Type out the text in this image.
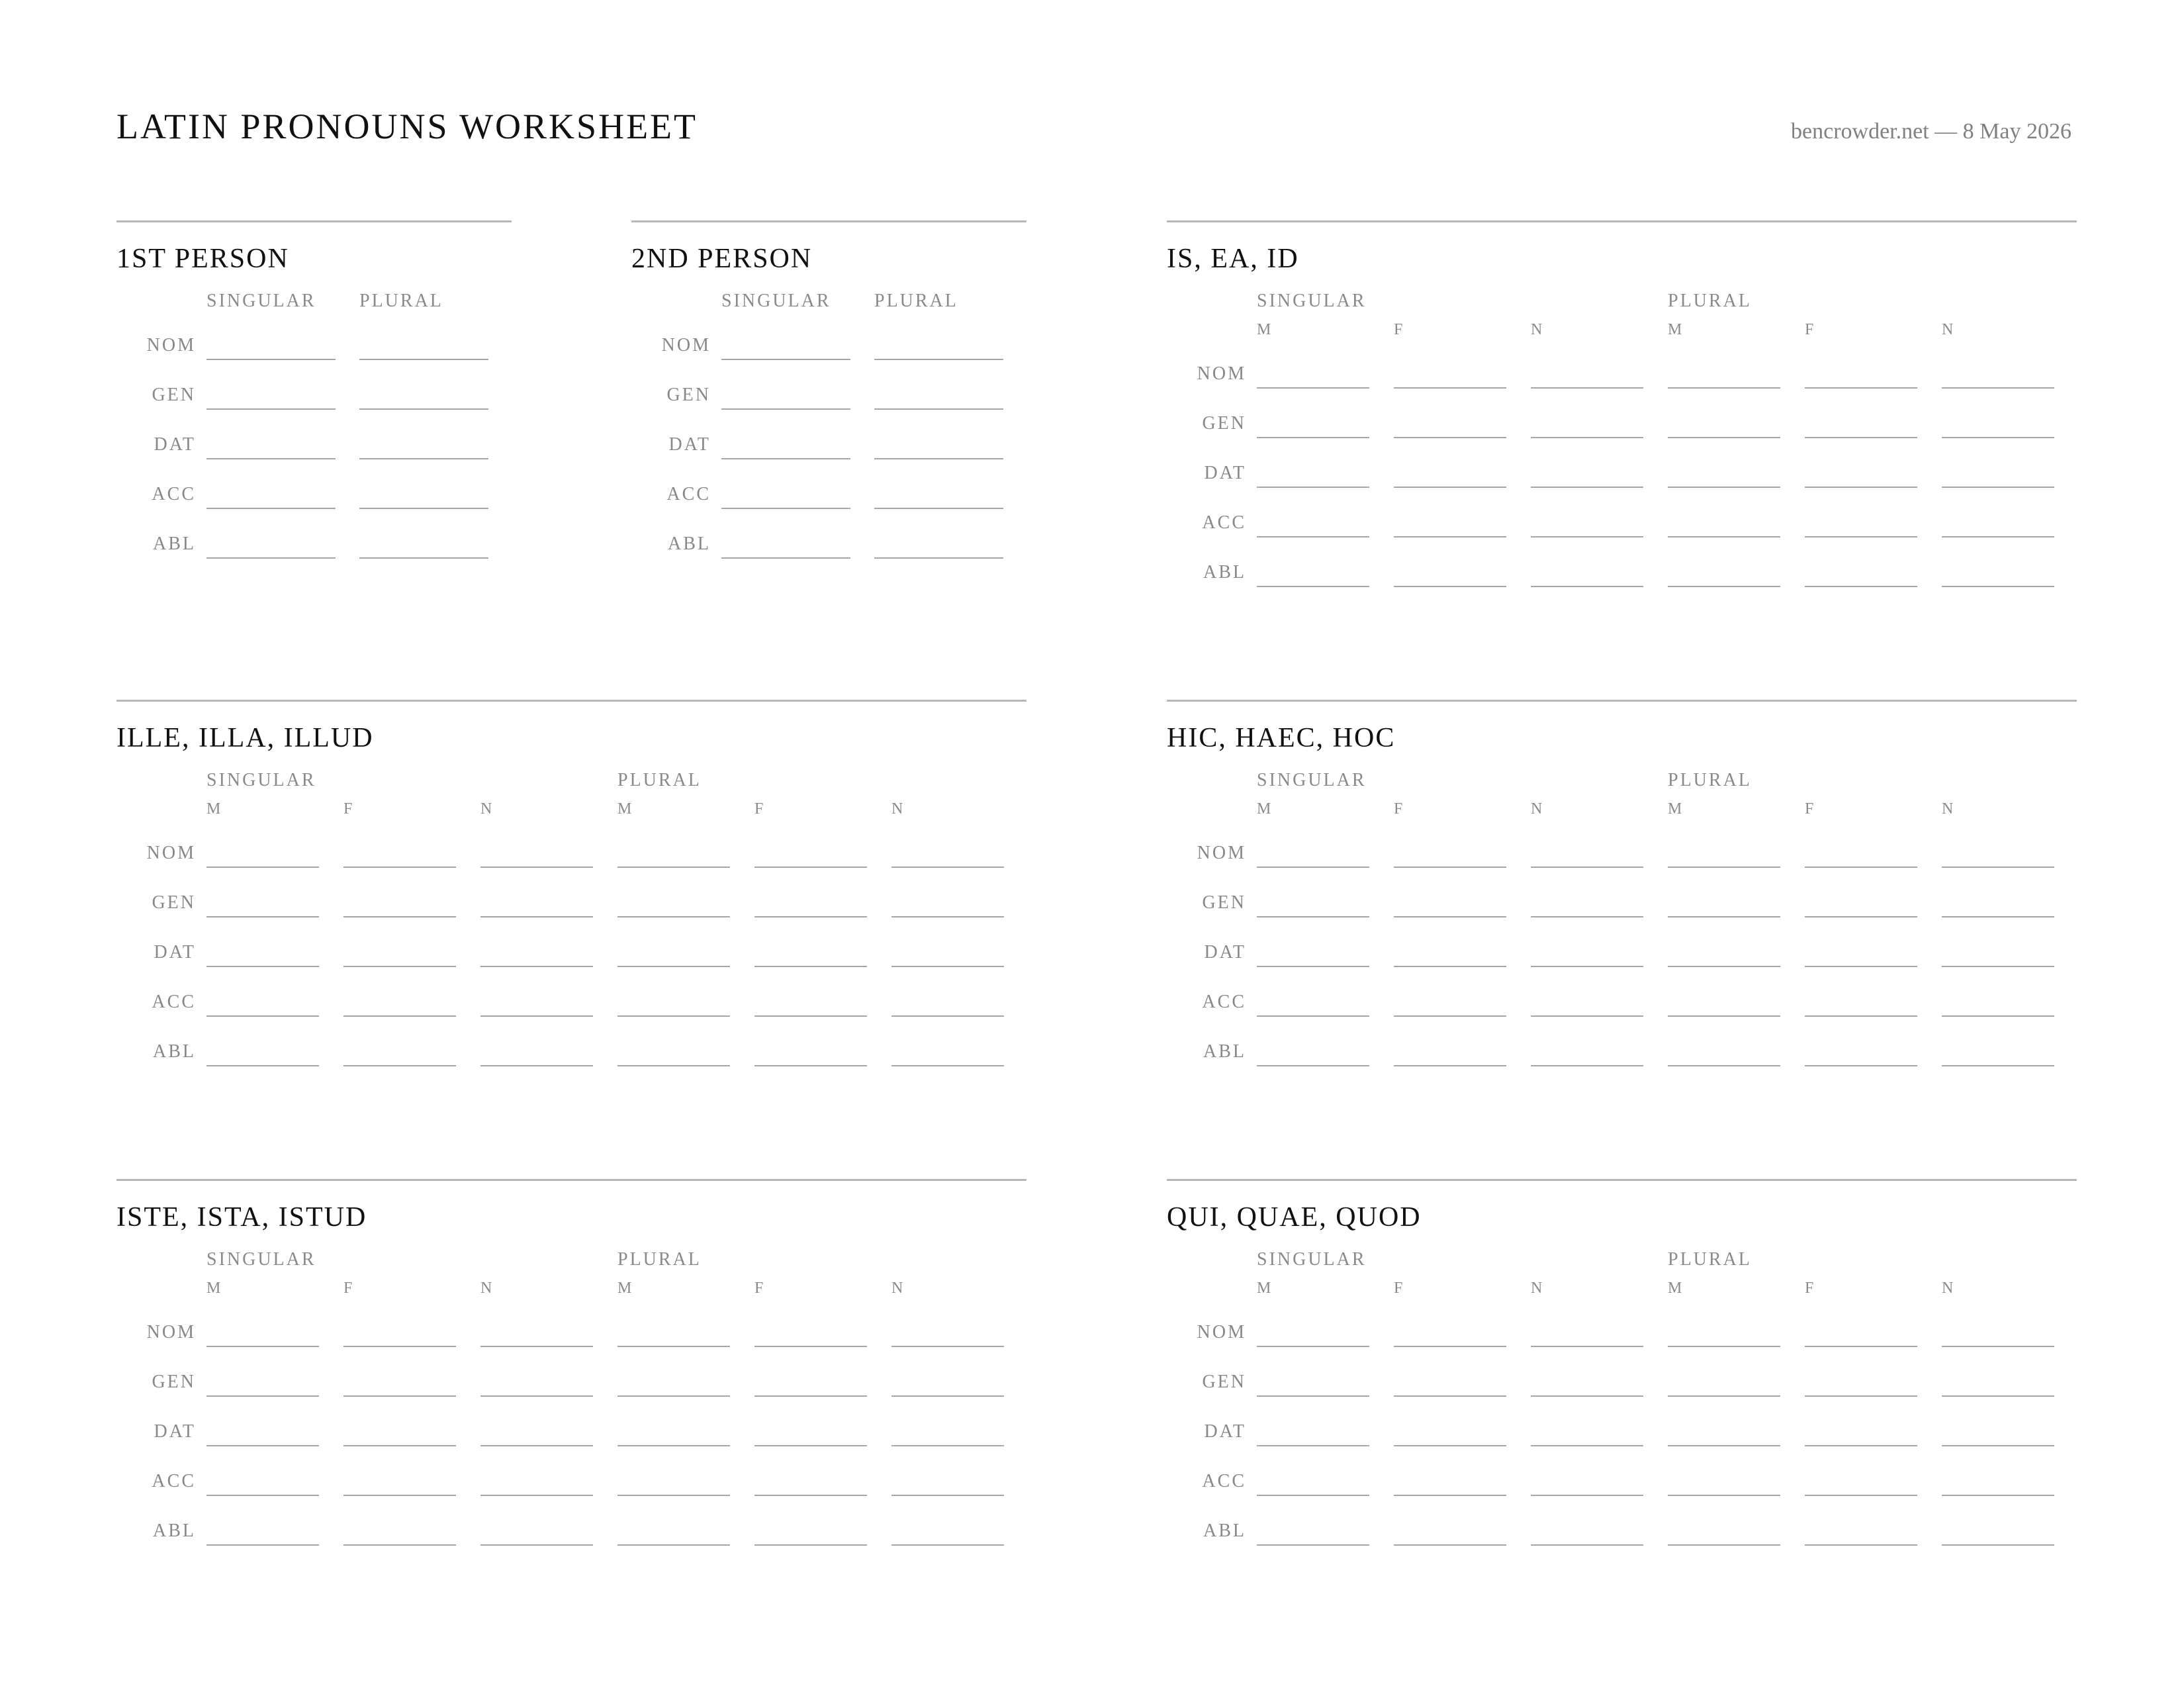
LATIN PRONOUNS WORKSHEET	bencrowder.net — 8 May 2026
1ST PERSON
SINGULAR PLURAL
NOM
GEN
DAT
ACC
ABL
2ND PERSON
SINGULAR PLURAL
NOM
GEN
DAT
ACC
ABL
IS, EA, ID
SINGULAR	PLURAL
M	F	N	M	F	N
NOM
GEN
DAT
ACC
ABL
ILLE, ILLA, ILLUD
SINGULAR	PLURAL
M	F	N	M	F	N
NOM
GEN
DAT
ACC
ABL
HIC, HAEC, HOC
SINGULAR	PLURAL
M	F	N	M	F	N
NOM
GEN
DAT
ACC
ABL
ISTE, ISTA, ISTUD
SINGULAR	PLURAL
M	F	N	M	F	N
NOM
GEN
DAT
ACC
ABL
QUI, QUAE, QUOD
SINGULAR	PLURAL
M	F	N	M	F	N
NOM
GEN
DAT
ACC
ABL
